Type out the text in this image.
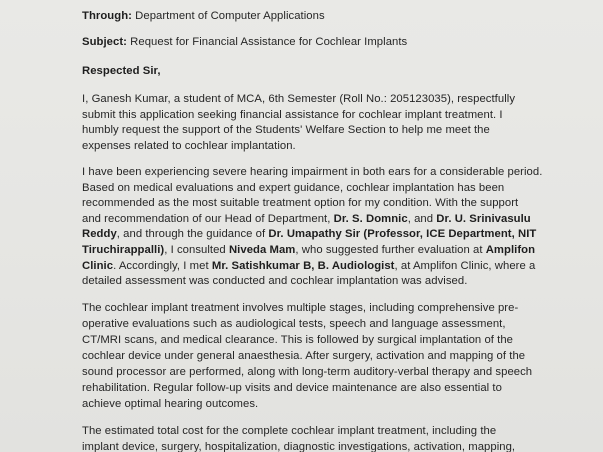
Through: Department of Computer Applications
Subject: Request for Financial Assistance for Cochlear Implants
Respected Sir,
I, Ganesh Kumar, a student of MCA, 6th Semester (Roll No.: 205123035), respectfully
submit this application seeking financial assistance for cochlear implant treatment. I
humbly request the support of the Students' Welfare Section to help me meet the
expenses related to cochlear implantation.
I have been experiencing severe hearing impairment in both ears for a considerable period.
Based on medical evaluations and expert guidance, cochlear implantation has been
recommended as the most suitable treatment option for my condition. With the support
and recommendation of our Head of Department, Dr. S. Domnic, and Dr. U. Srinivasulu
Reddy, and through the guidance of Dr. Umapathy Sir (Professor, ICE Department, NIT
Tiruchirappalli), I consulted Niveda Mam, who suggested further evaluation at Amplifon
Clinic. Accordingly, I met Mr. Satishkumar B, B. Audiologist, at Amplifon Clinic, where a
detailed assessment was conducted and cochlear implantation was advised.
The cochlear implant treatment involves multiple stages, including comprehensive pre-
operative evaluations such as audiological tests, speech and language assessment,
CT/MRI scans, and medical clearance. This is followed by surgical implantation of the
cochlear device under general anaesthesia. After surgery, activation and mapping of the
sound processor are performed, along with long-term auditory-verbal therapy and speech
rehabilitation. Regular follow-up visits and device maintenance are also essential to
achieve optimal hearing outcomes.
The estimated total cost for the complete cochlear implant treatment, including the
implant device, surgery, hospitalization, diagnostic investigations, activation, mapping,
